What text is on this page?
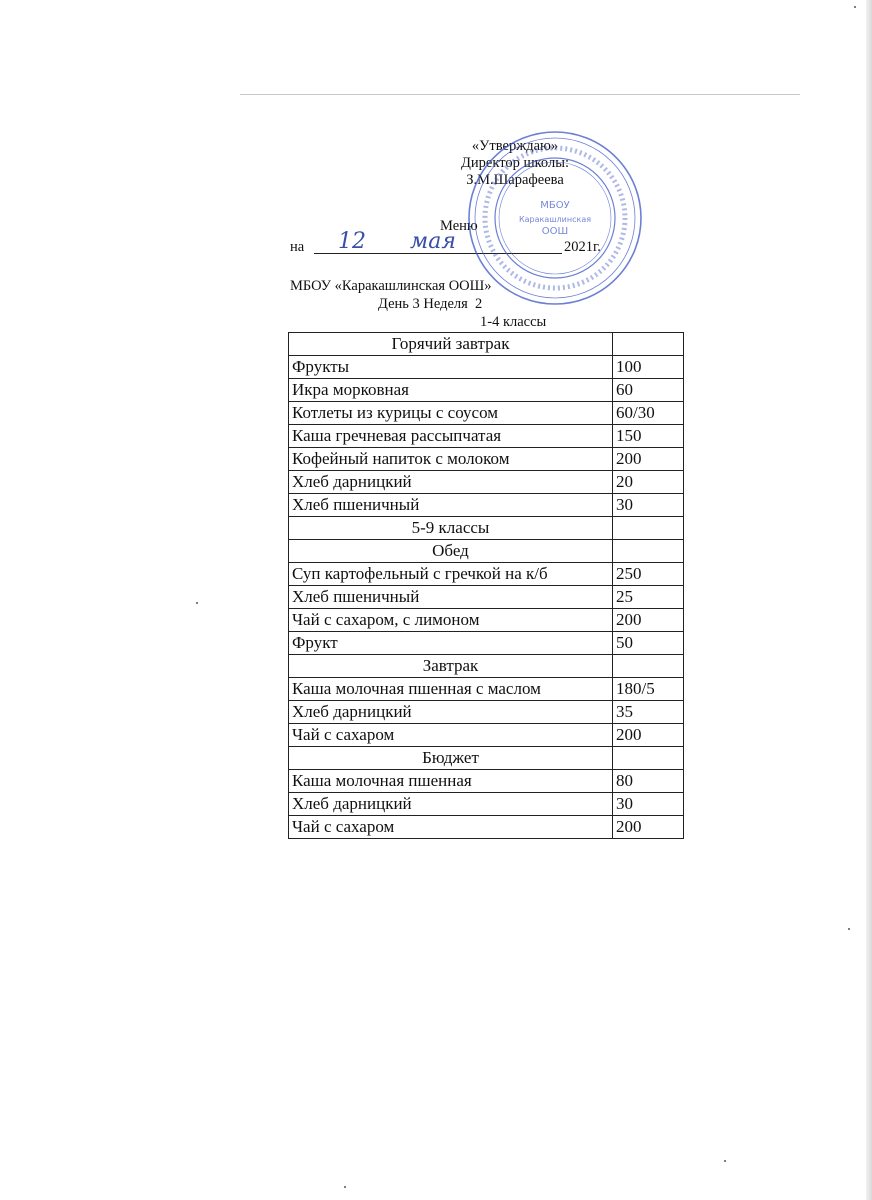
«Утверждаю»
Директор школы:
З.М.Шарафеева
Меню
на 12 мая	2021г.
МБОУ «Каракашлинская ООШ»
День 3 Неделя  2
1-4 классы
МБОУ
Каракашлинская
ООШ
Горячий завтрак	
Фрукты	100
Икра морковная	60
Котлеты из курицы с соусом	60/30
Каша гречневая рассыпчатая	150
Кофейный напиток с молоком	200
Хлеб дарницкий	20
Хлеб пшеничный	30
5-9 классы	
Обед	
Суп картофельный с гречкой на к/б	250
Хлеб пшеничный	25
Чай с сахаром, с лимоном	200
Фрукт	50
Завтрак	
Каша молочная пшенная с маслом	180/5
Хлеб дарницкий	35
Чай с сахаром	200
Бюджет	
Каша молочная пшенная	80
Хлеб дарницкий	30
Чай с сахаром	200
